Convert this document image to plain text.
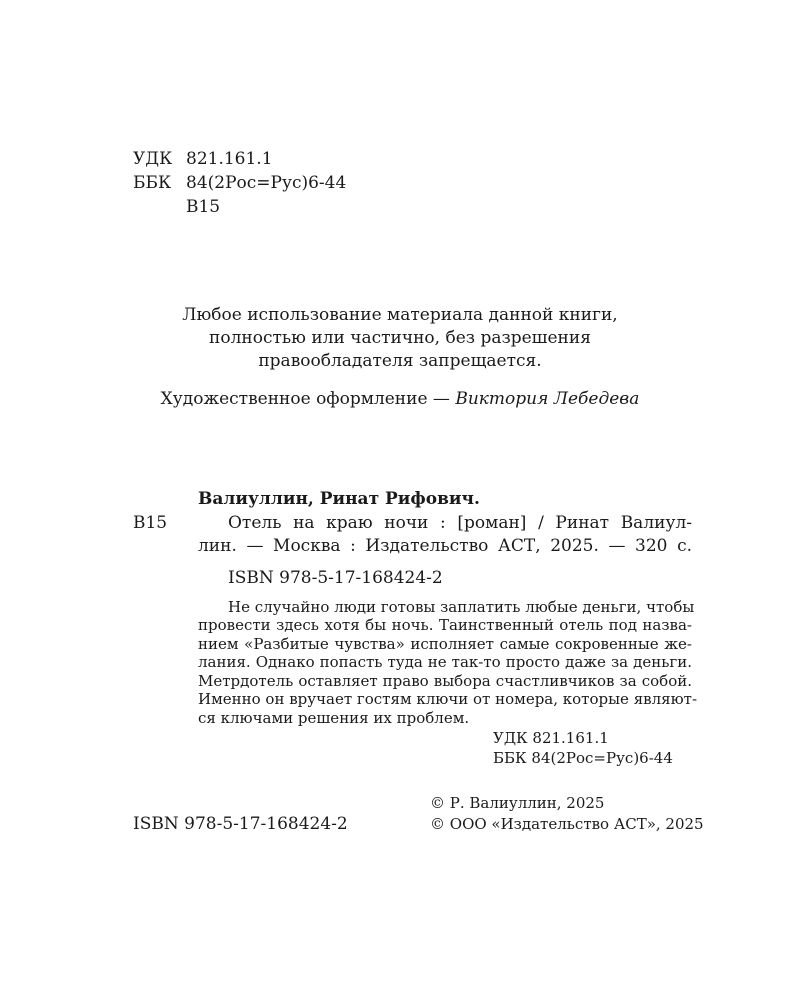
УДК 821.161.1
ББК 84(2Рос=Рус)6-44
В15
Любое использование материала данной книги,
полностью или частично, без разрешения
правообладателя запрещается.
Художественное оформление — Виктория Лебедева
Валиуллин, Ринат Рифович.
В15	Отель на краю ночи : [роман] / Ринат Валиул-
лин. — Москва : Издательство АСТ, 2025. — 320 с.
ISBN 978-5-17-168424-2
Не случайно люди готовы заплатить любые деньги, чтобы
провести здесь хотя бы ночь. Таинственный отель под назва-
нием «Разбитые чувства» исполняет самые сокровенные же-
лания. Однако попасть туда не так-то просто даже за деньги.
Метрдотель оставляет право выбора счастливчиков за собой.
Именно он вручает гостям ключи от номера, которые являют-
ся ключами решения их проблем.
УДК 821.161.1
ББК 84(2Рос=Рус)6-44
© Р. Валиуллин, 2025
ISBN 978-5-17-168424-2	© ООО «Издательство АСТ», 2025
